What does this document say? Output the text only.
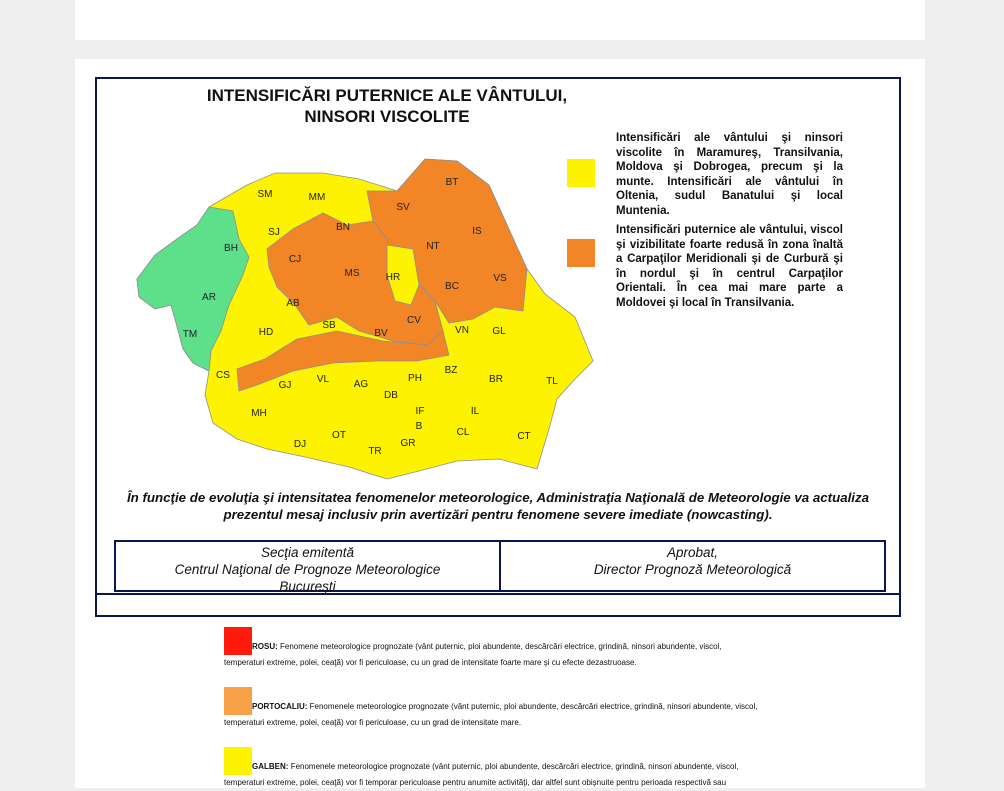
INTENSIFICĂRI PUTERNICE ALE VÂNTULUI,
NINSORI VISCOLITE
SM	MM
BT
SV
SJ	BN	IS
BH
CJ
NT
HR	VS
MS
BC
AR
AB
CV
SB
TM	HD	BV	VN GL
CS
GJ
VL AG
PH
BZ
BR	TL
MH
DB
IF	IL
B
DJ
OT	CL	CT
GR
TR
Intensificări ale vântului şi ninsori viscolite în Maramureş, Transilvania, Moldova şi Dobrogea, precum şi la munte. Intensificări ale vântului în Oltenia, sudul Banatului şi local Muntenia.
Intensificări puternice ale vântului, viscol şi vizibilitate foarte redusă în zona înaltă a Carpaţilor Meridionali şi de Curbură şi în nordul şi în centrul Carpaţilor Orientali. În cea mai mare parte a Moldovei şi local în Transilvania.
În funcţie de evoluţia şi intensitatea fenomenelor meteorologice, Administraţia Naţională de Meteorologie va actualiza prezentul mesaj inclusiv prin avertizări pentru fenomene severe imediate (nowcasting).
Secţia emitentă
Centrul Naţional de Prognoze Meteorologice
Bucureşti
Aprobat,
Director Prognoză Meteorologică
ROSU: Fenomene meteorologice prognozate (vânt puternic, ploi abundente, descărcări electrice, grindină, ninsori abundente, viscol, temperaturi extreme, polei, ceaţă) vor fi periculoase, cu un grad de intensitate foarte mare şi cu efecte dezastruoase.
PORTOCALIU: Fenomenele meteorologice prognozate (vânt puternic, ploi abundente, descărcări electrice, grindină, ninsori abundente, viscol, temperaturi extreme, polei, ceaţă) vor fi periculoase, cu un grad de intensitate mare.
GALBEN: Fenomenele meteorologice prognozate (vânt puternic, ploi abundente, descărcări electrice, grindină, ninsori abundente, viscol, temperaturi extreme, polei, ceaţă) vor fi temporar periculoase pentru anumite activităţi, dar altfel sunt obişnuite pentru perioada respectivă sau
